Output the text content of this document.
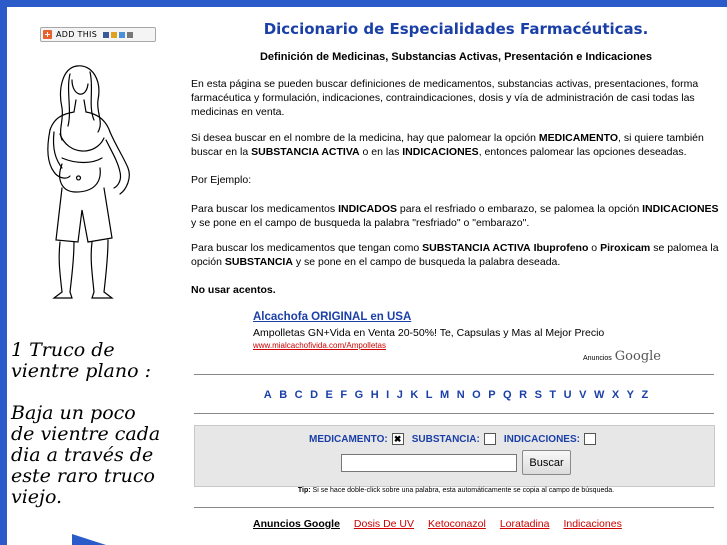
+ ADD THIS
1 Truco de
vientre plano :
Baja un poco
de vientre cada
dia a través de
este raro truco
viejo.
Diccionario de Especialidades Farmacéuticas.
Definición de Medicinas, Substancias Activas, Presentación e Indicaciones
En esta página se pueden buscar definiciones de medicamentos, substancias activas, presentaciones, forma farmacéutica y formulación, indicaciones, contraindicaciones, dosis y vía de administración de casi todas las medicinas en venta.
Si desea buscar en el nombre de la medicina, hay que palomear la opción MEDICAMENTO, si quiere también buscar en la SUBSTANCIA ACTIVA o en las INDICACIONES, entonces palomear las opciones deseadas.
Por Ejemplo:
Para buscar los medicamentos INDICADOS para el resfriado o embarazo, se palomea la opción INDICACIONES y se pone en el campo de busqueda la palabra "resfriado" o "embarazo".
Para buscar los medicamentos que tengan como SUBSTANCIA ACTIVA Ibuprofeno o Piroxicam se palomea la opción SUBSTANCIA y se pone en el campo de busqueda la palabra deseada.
No usar acentos.
Alcachofa ORIGINAL en USA
Ampolletas GN+Vida en Venta 20-50%! Te, Capsulas y Mas al Mejor Precio
www.mialcachofivida.com/Ampolletas
Anuncios Google
A B C D E F G H I J K L M N O P Q R S T U V W X Y Z
MEDICAMENTO: ✖ SUBSTANCIA: INDICACIONES:
Buscar
Tip: Si se hace doble-click sobre una palabra, esta automáticamente se copia al campo de búsqueda.
Anuncios Google Dosis De UV Ketoconazol Loratadina Indicaciones
